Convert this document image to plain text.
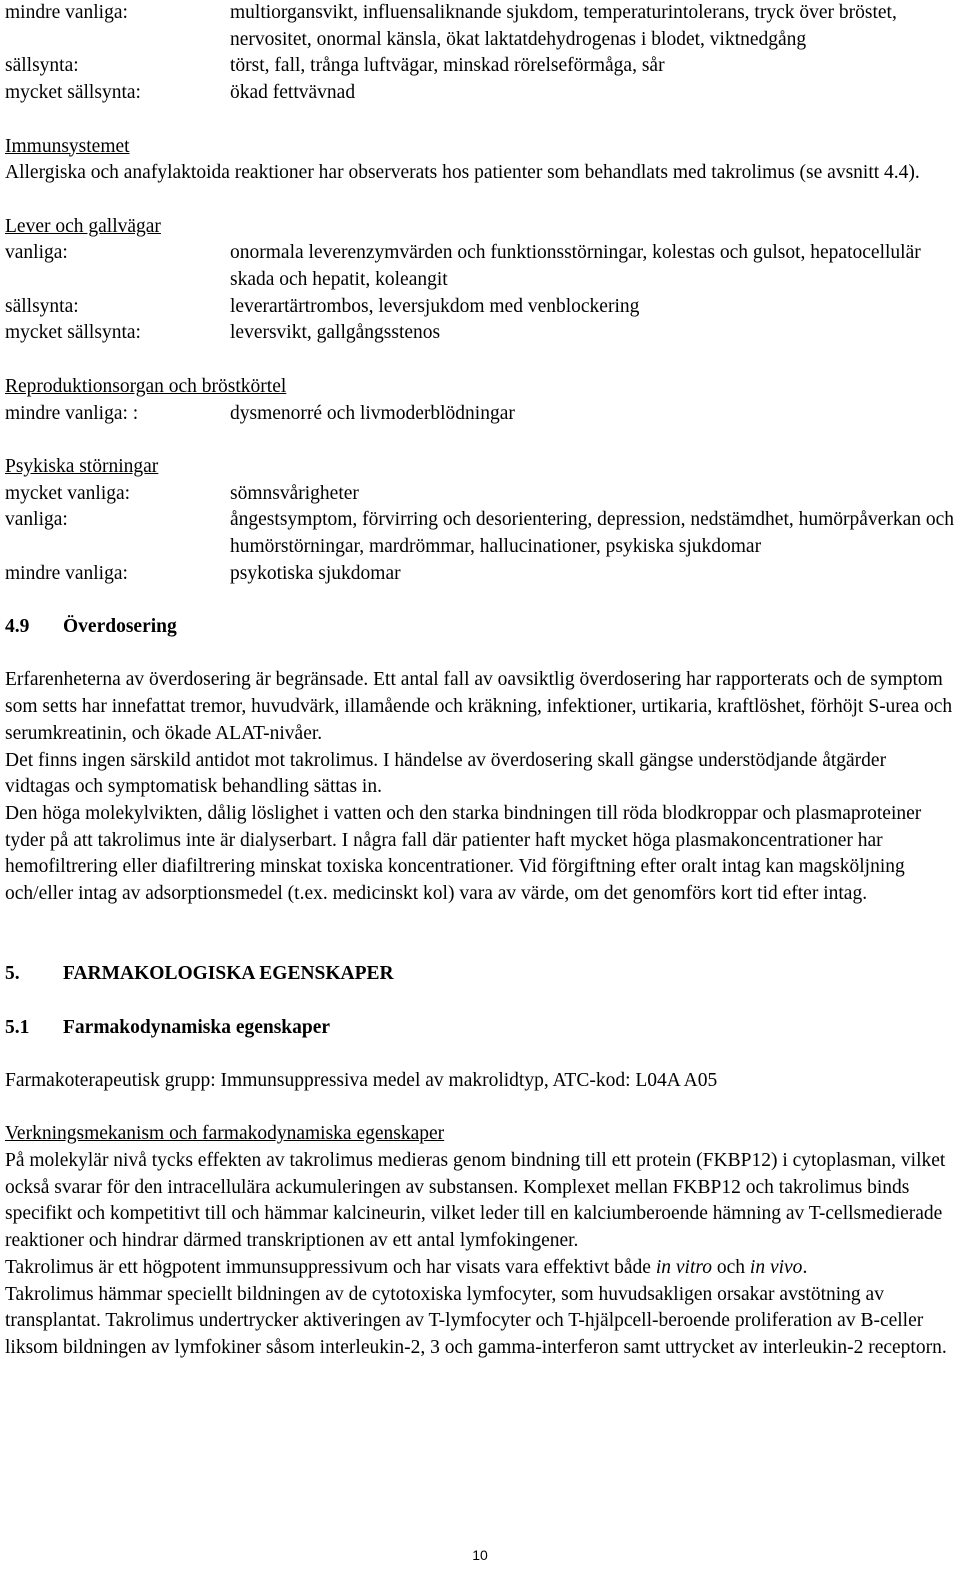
mindre vanliga:	multiorgansvikt, influensaliknande sjukdom, temperaturintolerans, tryck över bröstet, nervositet, onormal känsla, ökat laktatdehydrogenas i blodet, viktnedgång
sällsynta:	törst, fall, trånga luftvägar, minskad rörelseförmåga, sår
mycket sällsynta:	ökad fettvävnad
Immunsystemet

Allergiska och anafylaktoida reaktioner har observerats hos patienter som behandlats med takrolimus (se avsnitt 4.4).

Lever och gallvägar
vanliga:	onormala leverenzymvärden och funktionsstörningar, kolestas och gulsot, hepatocellulär skada och hepatit, koleangit
sällsynta:	leverartärtrombos, leversjukdom med venblockering
mycket sällsynta:	leversvikt, gallgångsstenos
Reproduktionsorgan och bröstkörtel
mindre vanliga: :	dysmenorré och livmoderblödningar
Psykiska störningar
mycket vanliga:	sömnsvårigheter
vanliga:	ångestsymptom, förvirring och desorientering, depression, nedstämdhet, humörpåverkan och humörstörningar, mardrömmar, hallucinationer, psykiska sjukdomar
mindre vanliga:	psykotiska sjukdomar
4.9	Överdosering

Erfarenheterna av överdosering är begränsade. Ett antal fall av oavsiktlig överdosering har rapporterats och de symptom som setts har innefattat tremor, huvudvärk, illamående och kräkning, infektioner, urtikaria, kraftlöshet, förhöjt S-urea och serumkreatinin, och ökade ALAT-nivåer.

Det finns ingen särskild antidot mot takrolimus. I händelse av överdosering skall gängse understödjande åtgärder vidtagas och symptomatisk behandling sättas in.

Den höga molekylvikten, dålig löslighet i vatten och den starka bindningen till röda blodkroppar och plasmaproteiner tyder på att takrolimus inte är dialyserbart. I några fall där patienter haft mycket höga plasmakoncentrationer har hemofiltrering eller diafiltrering minskat toxiska koncentrationer. Vid förgiftning efter oralt intag kan magsköljning och/eller intag av adsorptionsmedel (t.ex. medicinskt kol) vara av värde, om det genomförs kort tid efter intag.

5.	FARMAKOLOGISKA EGENSKAPER
5.1	Farmakodynamiska egenskaper

Farmakoterapeutisk grupp: Immunsuppressiva medel av makrolidtyp, ATC-kod: L04A A05

Verkningsmekanism och farmakodynamiska egenskaper

På molekylär nivå tycks effekten av takrolimus medieras genom bindning till ett protein (FKBP12) i cytoplasman, vilket också svarar för den intracellulära ackumuleringen av substansen. Komplexet mellan FKBP12 och takrolimus binds specifikt och kompetitivt till och hämmar kalcineurin, vilket leder till en kalciumberoende hämning av T-cellsmedierade reaktioner och hindrar därmed transkriptionen av ett antal lymfokingener.

Takrolimus är ett högpotent immunsuppressivum och har visats vara effektivt både in vitro och in vivo.

Takrolimus hämmar speciellt bildningen av de cytotoxiska lymfocyter, som huvudsakligen orsakar avstötning av transplantat. Takrolimus undertrycker aktiveringen av T-lymfocyter och T-hjälpcell-beroende proliferation av B-celler liksom bildningen av lymfokiner såsom interleukin-2, 3 och gamma-interferon samt uttrycket av interleukin-2 receptorn.

10
